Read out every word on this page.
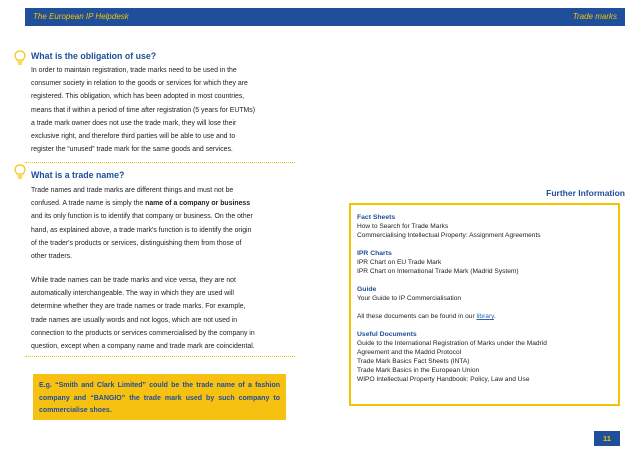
The European IP Helpdesk	Trade marks
What is the obligation of use?
In order to maintain registration, trade marks need to be used in the
consumer society in relation to the goods or services for which they are
registered. This obligation, which has been adopted in most countries,
means that if within a period of time after registration (5 years for EUTMs)
a trade mark owner does not use the trade mark, they will lose their
exclusive right, and therefore third parties will be able to use and to
register the “unused” trade mark for the same goods and services.
What is a trade name?
Trade names and trade marks are different things and must not be
confused. A trade name is simply the name of a company or business
and its only function is to identify that company or business. On the other
hand, as explained above, a trade mark's function is to identify the origin
of the trader's products or services, distinguishing them from those of
other traders.
While trade names can be trade marks and vice versa, they are not
automatically interchangeable. The way in which they are used will
determine whether they are trade names or trade marks. For example,
trade names are usually words and not logos, which are not used in
connection to the products or services commercialised by the company in
question, except when a company name and trade mark are coincidental.
E.g. “Smith and Clark Limited” could be the trade name of a fashion company and “BANGIO” the trade mark used by such company to commercialise shoes.
Further Information
Fact Sheets
How to Search for Trade Marks
Commercialising Intellectual Property: Assignment Agreements
IPR Charts
IPR Chart on EU Trade Mark
IPR Chart on International Trade Mark (Madrid System)
Guide
Your Guide to IP Commercialisation
All these documents can be found in our library.
Useful Documents
Guide to the International Registration of Marks under the Madrid
Agreement and the Madrid Protocol
Trade Mark Basics Fact Sheets (INTA)
Trade Mark Basics in the European Union
WIPO Intellectual Property Handbook: Policy, Law and Use
11
